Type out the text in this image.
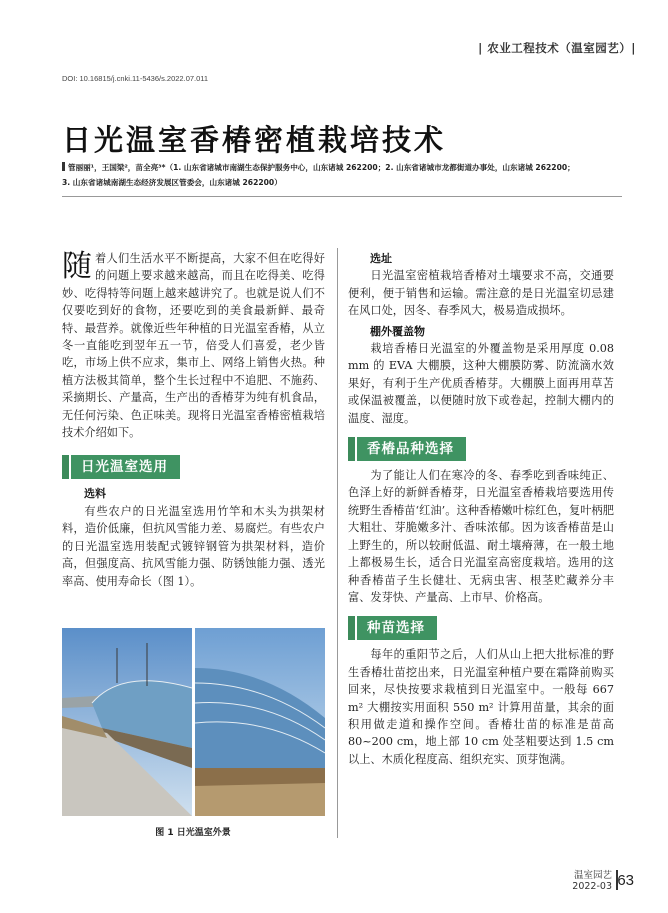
| 农业工程技术（温室园艺）|
DOI: 10.16815/j.cnki.11-5436/s.2022.07.011
日光温室香椿密植栽培技术
管丽丽¹，王国梁²，苗全亮³*（1. 山东省诸城市南湖生态保护服务中心，山东诸城 262200；2. 山东省诸城市龙都街道办事处，山东诸城 262200；
3. 山东省诸城南湖生态经济发展区管委会，山东诸城 262200）

随着人们生活水平不断提高，大家不但在吃得好的问题上要求越来越高，而且在吃得美、吃得妙、吃得特等问题上越来越讲究了。也就是说人们不仅要吃到好的食物，还要吃到的美食最新鲜、最奇特、最营养。就像近些年种植的日光温室香椿，从立冬一直能吃到翌年五一节，倍受人们喜爱，老少皆吃，市场上供不应求，集市上、网络上销售火热。种植方法极其简单，整个生长过程中不追肥、不施药、采摘期长、产量高，生产出的香椿芽为纯有机食品，无任何污染、色正味美。现将日光温室香椿密植栽培技术介绍如下。

日光温室选用

选料

有些农户的日光温室选用竹竿和木头为拱架材料，造价低廉，但抗风雪能力差、易腐烂。有些农户的日光温室选用装配式镀锌钢管为拱架材料，造价高，但强度高、抗风雪能力强、防锈蚀能力强、透光率高、使用寿命长（图 1）。

图 1 日光温室外景

选址

日光温室密植栽培香椿对土壤要求不高，交通要便利，便于销售和运输。需注意的是日光温室切忌建在风口处，因冬、春季风大，极易造成损坏。

棚外覆盖物

栽培香椿日光温室的外覆盖物是采用厚度 0.08 mm 的 EVA 大棚膜，这种大棚膜防雾、防流滴水效果好，有利于生产优质香椿芽。大棚膜上面再用草苫或保温被覆盖，以便随时放下或卷起，控制大棚内的温度、湿度。

香椿品种选择

为了能让人们在寒冷的冬、春季吃到香味纯正、色泽上好的新鲜香椿芽，日光温室香椿栽培要选用传统野生香椿苗‘红油’。这种香椿嫩叶棕红色，复叶柄肥大粗壮、芽脆嫩多汁、香味浓郁。因为该香椿苗是山上野生的，所以较耐低温、耐土壤瘠薄，在一般土地上都极易生长，适合日光温室高密度栽培。选用的这种香椿苗子生长健壮、无病虫害、根茎贮藏养分丰富、发芽快、产量高、上市早、价格高。

种苗选择

每年的重阳节之后，人们从山上把大批标准的野生香椿壮苗挖出来，日光温室种植户要在霜降前购买回来，尽快按要求栽植到日光温室中。一般每 667 m² 大棚按实用面积 550 m² 计算用苗量，其余的面积用做走道和操作空间。香椿壮苗的标准是苗高 80~200 cm，地上部 10 cm 处茎粗要达到 1.5 cm 以上、木质化程度高、组织充实、顶芽饱满。

温室园艺
2022-03 63
